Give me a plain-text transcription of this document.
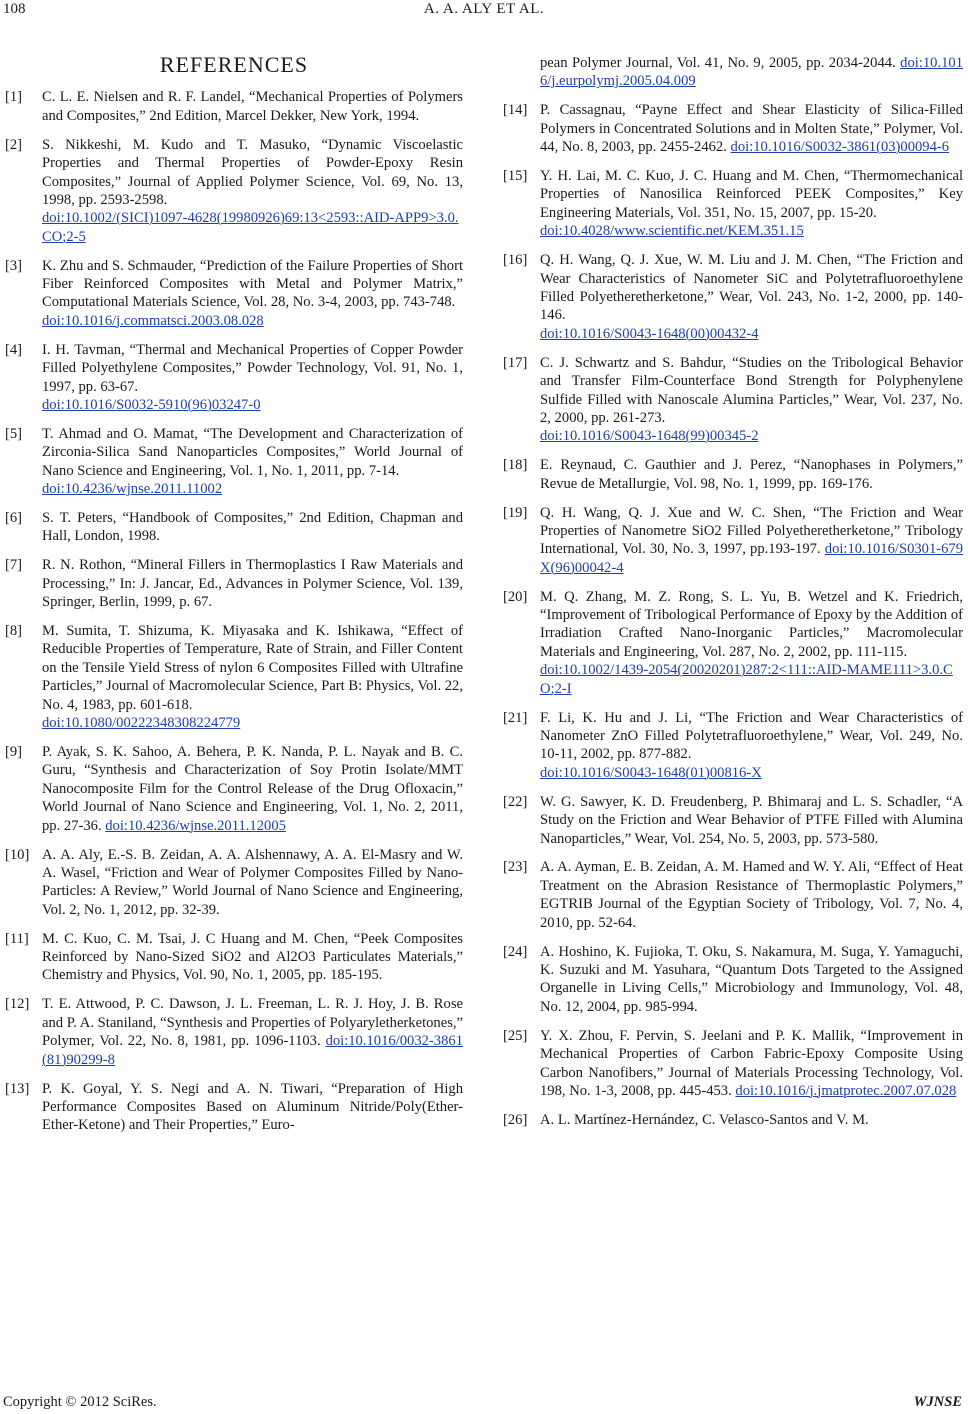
108	A. A. ALY ET AL.
REFERENCES
[1] C. L. E. Nielsen and R. F. Landel, “Mechanical Properties of Polymers and Composites,” 2nd Edition, Marcel Dekker, New York, 1994.
[2] S. Nikkeshi, M. Kudo and T. Masuko, “Dynamic Viscoelastic Properties and Thermal Properties of Powder-Epoxy Resin Composites,” Journal of Applied Polymer Science, Vol. 69, No. 13, 1998, pp. 2593-2598.
doi:10.1002/(SICI)1097-4628(19980926)69:13<2593::AID-APP9>3.0.CO;2-5
[3] K. Zhu and S. Schmauder, “Prediction of the Failure Properties of Short Fiber Reinforced Composites with Metal and Polymer Matrix,” Computational Materials Science, Vol. 28, No. 3-4, 2003, pp. 743-748.
doi:10.1016/j.commatsci.2003.08.028
[4] I. H. Tavman, “Thermal and Mechanical Properties of Copper Powder Filled Polyethylene Composites,” Powder Technology, Vol. 91, No. 1, 1997, pp. 63-67.
doi:10.1016/S0032-5910(96)03247-0
[5] T. Ahmad and O. Mamat, “The Development and Characterization of Zirconia-Silica Sand Nanoparticles Composites,” World Journal of Nano Science and Engineering, Vol. 1, No. 1, 2011, pp. 7-14.
doi:10.4236/wjnse.2011.11002
[6] S. T. Peters, “Handbook of Composites,” 2nd Edition, Chapman and Hall, London, 1998.
[7] R. N. Rothon, “Mineral Fillers in Thermoplastics I Raw Materials and Processing,” In: J. Jancar, Ed., Advances in Polymer Science, Vol. 139, Springer, Berlin, 1999, p. 67.
[8] M. Sumita, T. Shizuma, K. Miyasaka and K. Ishikawa, “Effect of Reducible Properties of Temperature, Rate of Strain, and Filler Content on the Tensile Yield Stress of nylon 6 Composites Filled with Ultrafine Particles,” Journal of Macromolecular Science, Part B: Physics, Vol. 22, No. 4, 1983, pp. 601-618.
doi:10.1080/00222348308224779
[9] P. Ayak, S. K. Sahoo, A. Behera, P. K. Nanda, P. L. Nayak and B. C. Guru, “Synthesis and Characterization of Soy Protin Isolate/MMT Nanocomposite Film for the Control Release of the Drug Ofloxacin,” World Journal of Nano Science and Engineering, Vol. 1, No. 2, 2011, pp. 27-36. doi:10.4236/wjnse.2011.12005
[10] A. A. Aly, E.-S. B. Zeidan, A. A. Alshennawy, A. A. El-Masry and W. A. Wasel, “Friction and Wear of Polymer Composites Filled by Nano-Particles: A Review,” World Journal of Nano Science and Engineering, Vol. 2, No. 1, 2012, pp. 32-39.
[11] M. C. Kuo, C. M. Tsai, J. C Huang and M. Chen, “Peek Composites Reinforced by Nano-Sized SiO2 and Al2O3 Particulates Materials,” Chemistry and Physics, Vol. 90, No. 1, 2005, pp. 185-195.
[12] T. E. Attwood, P. C. Dawson, J. L. Freeman, L. R. J. Hoy, J. B. Rose and P. A. Staniland, “Synthesis and Properties of Polyaryletherketones,” Polymer, Vol. 22, No. 8, 1981, pp. 1096-1103. doi:10.1016/0032-3861(81)90299-8
[13] P. K. Goyal, Y. S. Negi and A. N. Tiwari, “Preparation of High Performance Composites Based on Aluminum Nitride/Poly(Ether-Ether-Ketone) and Their Properties,” Euro-
pean Polymer Journal, Vol. 41, No. 9, 2005, pp. 2034-2044. doi:10.1016/j.eurpolymj.2005.04.009
[14] P. Cassagnau, “Payne Effect and Shear Elasticity of Silica-Filled Polymers in Concentrated Solutions and in Molten State,” Polymer, Vol. 44, No. 8, 2003, pp. 2455-2462. doi:10.1016/S0032-3861(03)00094-6
[15] Y. H. Lai, M. C. Kuo, J. C. Huang and M. Chen, “Thermomechanical Properties of Nanosilica Reinforced PEEK Composites,” Key Engineering Materials, Vol. 351, No. 15, 2007, pp. 15-20.
doi:10.4028/www.scientific.net/KEM.351.15
[16] Q. H. Wang, Q. J. Xue, W. M. Liu and J. M. Chen, “The Friction and Wear Characteristics of Nanometer SiC and Polytetrafluoroethylene Filled Polyetheretherketone,” Wear, Vol. 243, No. 1-2, 2000, pp. 140-146.
doi:10.1016/S0043-1648(00)00432-4
[17] C. J. Schwartz and S. Bahdur, “Studies on the Tribological Behavior and Transfer Film-Counterface Bond Strength for Polyphenylene Sulfide Filled with Nanoscale Alumina Particles,” Wear, Vol. 237, No. 2, 2000, pp. 261-273.
doi:10.1016/S0043-1648(99)00345-2
[18] E. Reynaud, C. Gauthier and J. Perez, “Nanophases in Polymers,” Revue de Metallurgie, Vol. 98, No. 1, 1999, pp. 169-176.
[19] Q. H. Wang, Q. J. Xue and W. C. Shen, “The Friction and Wear Properties of Nanometre SiO2 Filled Polyetheretherketone,” Tribology International, Vol. 30, No. 3, 1997, pp.193-197. doi:10.1016/S0301-679X(96)00042-4
[20] M. Q. Zhang, M. Z. Rong, S. L. Yu, B. Wetzel and K. Friedrich, “Improvement of Tribological Performance of Epoxy by the Addition of Irradiation Crafted Nano-Inorganic Particles,” Macromolecular Materials and Engineering, Vol. 287, No. 2, 2002, pp. 111-115.
doi:10.1002/1439-2054(20020201)287:2<111::AID-MAME111>3.0.CO;2-I
[21] F. Li, K. Hu and J. Li, “The Friction and Wear Characteristics of Nanometer ZnO Filled Polytetrafluoroethylene,” Wear, Vol. 249, No. 10-11, 2002, pp. 877-882.
doi:10.1016/S0043-1648(01)00816-X
[22] W. G. Sawyer, K. D. Freudenberg, P. Bhimaraj and L. S. Schadler, “A Study on the Friction and Wear Behavior of PTFE Filled with Alumina Nanoparticles,” Wear, Vol. 254, No. 5, 2003, pp. 573-580.
[23] A. A. Ayman, E. B. Zeidan, A. M. Hamed and W. Y. Ali, “Effect of Heat Treatment on the Abrasion Resistance of Thermoplastic Polymers,” EGTRIB Journal of the Egyptian Society of Tribology, Vol. 7, No. 4, 2010, pp. 52-64.
[24] A. Hoshino, K. Fujioka, T. Oku, S. Nakamura, M. Suga, Y. Yamaguchi, K. Suzuki and M. Yasuhara, “Quantum Dots Targeted to the Assigned Organelle in Living Cells,” Microbiology and Immunology, Vol. 48, No. 12, 2004, pp. 985-994.
[25] Y. X. Zhou, F. Pervin, S. Jeelani and P. K. Mallik, “Improvement in Mechanical Properties of Carbon Fabric-Epoxy Composite Using Carbon Nanofibers,” Journal of Materials Processing Technology, Vol. 198, No. 1-3, 2008, pp. 445-453. doi:10.1016/j.jmatprotec.2007.07.028
[26] A. L. Martínez-Hernández, C. Velasco-Santos and V. M.
Copyright © 2012 SciRes.	WJNSE
